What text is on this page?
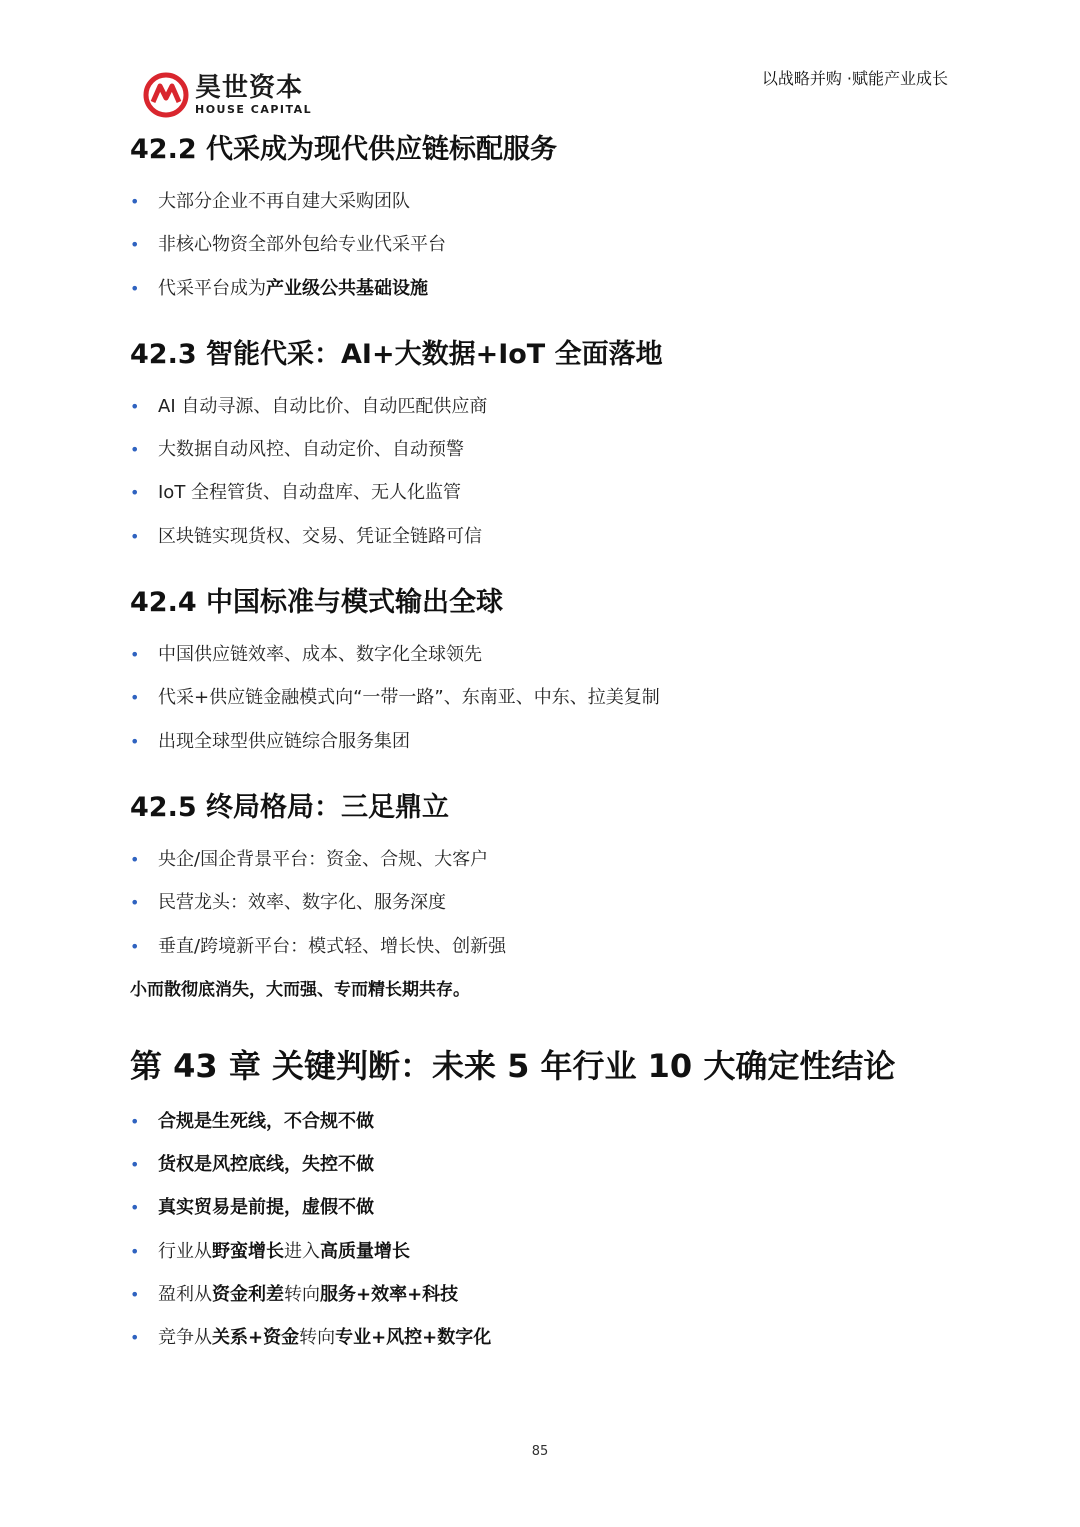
昊世资本
HOUSE CAPITAL
以战略并购 ·赋能产业成长
42.2 代采成为现代供应链标配服务
• 大部分企业不再自建大采购团队
• 非核心物资全部外包给专业代采平台
• 代采平台成为产业级公共基础设施
42.3 智能代采：AI+大数据+IoT 全面落地
• AI 自动寻源、自动比价、自动匹配供应商
• 大数据自动风控、自动定价、自动预警
• IoT 全程管货、自动盘库、无人化监管
• 区块链实现货权、交易、凭证全链路可信
42.4 中国标准与模式输出全球
• 中国供应链效率、成本、数字化全球领先
• 代采+供应链金融模式向“一带一路”、东南亚、中东、拉美复制
• 出现全球型供应链综合服务集团
42.5 终局格局：三足鼎立
• 央企/国企背景平台：资金、合规、大客户
• 民营龙头：效率、数字化、服务深度
• 垂直/跨境新平台：模式轻、增长快、创新强
小而散彻底消失，大而强、专而精长期共存。
第 43 章 关键判断：未来 5 年行业 10 大确定性结论
• 合规是生死线，不合规不做
• 货权是风控底线，失控不做
• 真实贸易是前提，虚假不做
• 行业从野蛮增长进入高质量增长
• 盈利从资金利差转向服务+效率+科技
• 竞争从关系+资金转向专业+风控+数字化
85
